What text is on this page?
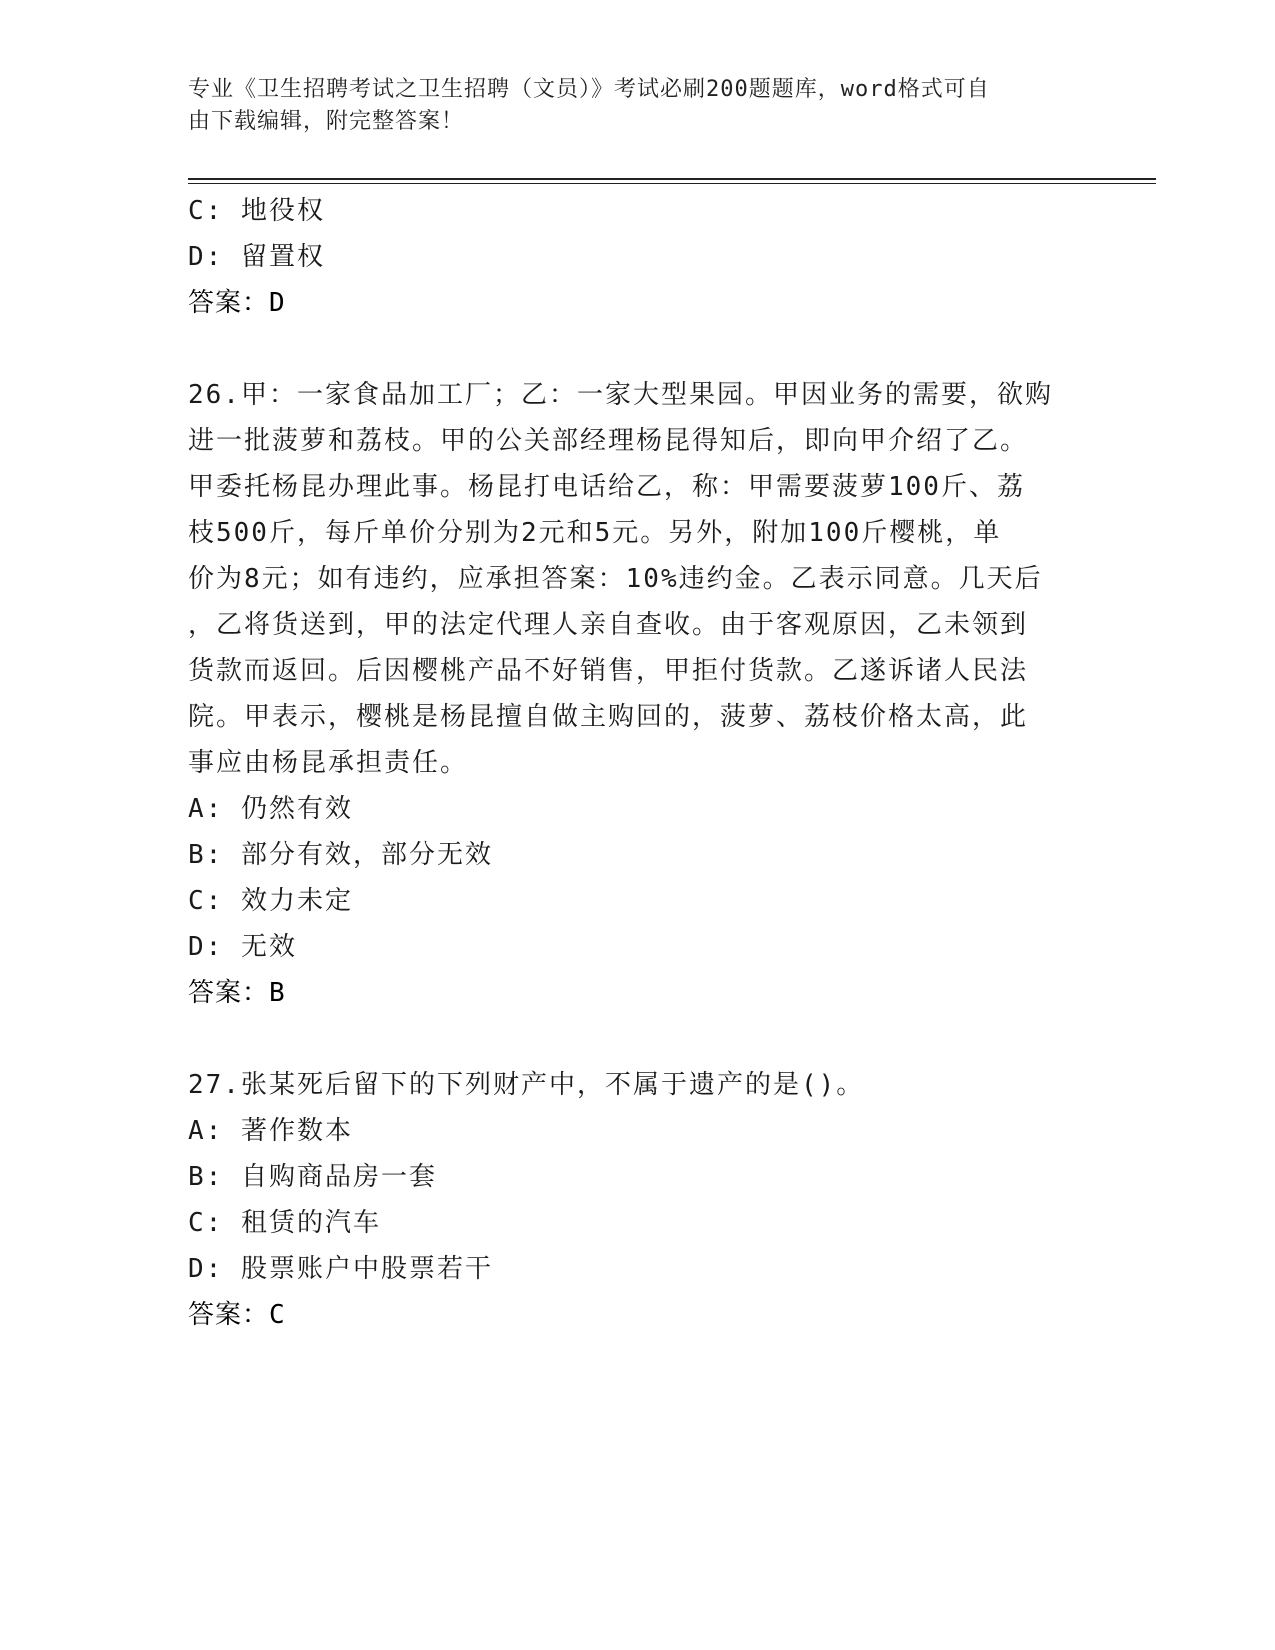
专业《卫生招聘考试之卫生招聘（文员）》考试必刷200题题库，word格式可自
由下载编辑，附完整答案！
C: 地役权
D: 留置权
答案：D
26.甲：一家食品加工厂；乙：一家大型果园。甲因业务的需要，欲购
进一批菠萝和荔枝。甲的公关部经理杨昆得知后，即向甲介绍了乙。
甲委托杨昆办理此事。杨昆打电话给乙，称：甲需要菠萝100斤、荔
枝500斤，每斤单价分别为2元和5元。另外，附加100斤樱桃，单
价为8元；如有违约，应承担答案：10%违约金。乙表示同意。几天后
，乙将货送到，甲的法定代理人亲自查收。由于客观原因，乙未领到
货款而返回。后因樱桃产品不好销售，甲拒付货款。乙遂诉诸人民法
院。甲表示，樱桃是杨昆擅自做主购回的，菠萝、荔枝价格太高，此
事应由杨昆承担责任。
A: 仍然有效
B: 部分有效，部分无效
C: 效力未定
D: 无效
答案：B
27.张某死后留下的下列财产中，不属于遗产的是()。
A: 著作数本
B: 自购商品房一套
C: 租赁的汽车
D: 股票账户中股票若干
答案：C
